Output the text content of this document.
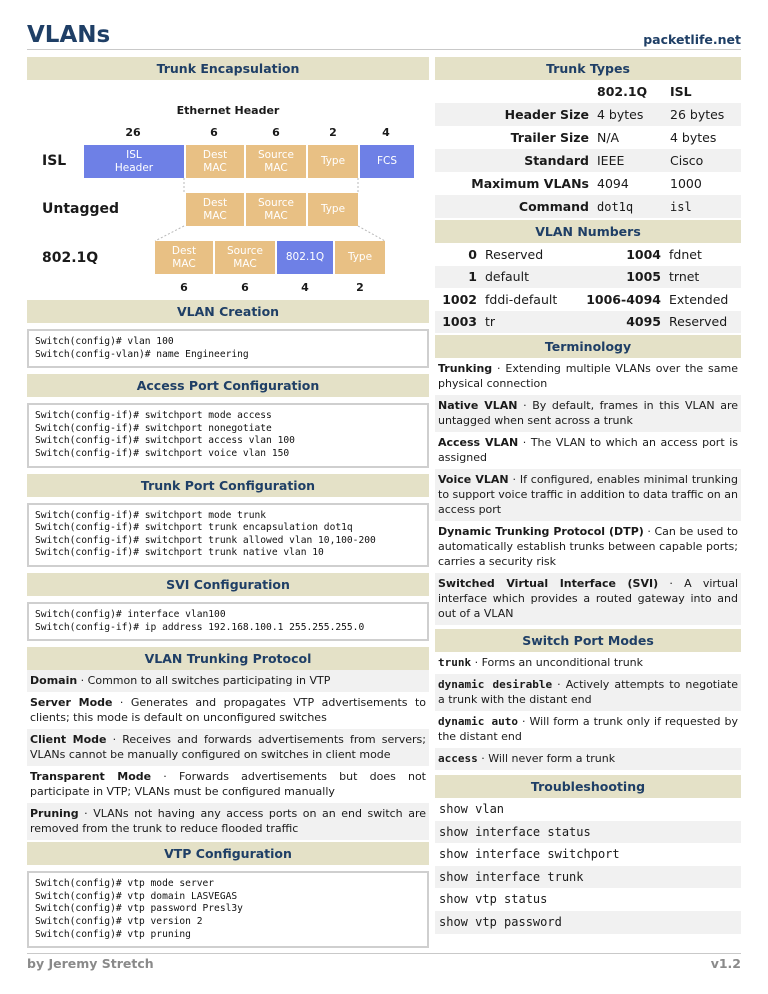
VLANs	packetlife.net
Trunk Encapsulation
Ethernet Header
26	6	6	2	4
ISL	ISL
Header
Dest
MAC
Source
MAC
Type	FCS
Untagged	Dest
MAC
Source
MAC
Type
802.1Q	Dest
MAC
Source
MAC
802.1Q	Type
6	6	4	2
VLAN Creation
Switch(config)# vlan 100
Switch(config-vlan)# name Engineering
Access Port Configuration
Switch(config-if)# switchport mode access
Switch(config-if)# switchport nonegotiate
Switch(config-if)# switchport access vlan 100
Switch(config-if)# switchport voice vlan 150
Trunk Port Configuration
Switch(config-if)# switchport mode trunk
Switch(config-if)# switchport trunk encapsulation dot1q
Switch(config-if)# switchport trunk allowed vlan 10,100-200
Switch(config-if)# switchport trunk native vlan 10
SVI Configuration
Switch(config)# interface vlan100
Switch(config-if)# ip address 192.168.100.1 255.255.255.0
VLAN Trunking Protocol
Domain · Common to all switches participating in VTP
Server Mode · Generates and propagates VTP advertisements to clients; this mode is default on unconfigured switches
Client Mode · Receives and forwards advertisements from servers; VLANs cannot be manually configured on switches in client mode
Transparent Mode · Forwards advertisements but does not participate in VTP; VLANs must be configured manually
Pruning · VLANs not having any access ports on an end switch are removed from the trunk to reduce flooded traffic
VTP Configuration
Switch(config)# vtp mode server
Switch(config)# vtp domain LASVEGAS
Switch(config)# vtp password Presl3y
Switch(config)# vtp version 2
Switch(config)# vtp pruning
Trunk Types
	802.1Q	ISL
Header Size	4 bytes	26 bytes
Trailer Size	N/A	4 bytes
Standard	IEEE	Cisco
Maximum VLANs	4094	1000
Command	dot1q	isl
VLAN Numbers
0	Reserved	1004	fdnet
1	default	1005	trnet
1002	fddi-default	1006-4094	Extended
1003	tr	4095	Reserved
Terminology
Trunking · Extending multiple VLANs over the same physical connection
Native VLAN · By default, frames in this VLAN are untagged when sent across a trunk
Access VLAN · The VLAN to which an access port is assigned
Voice VLAN · If configured, enables minimal trunking to support voice traffic in addition to data traffic on an access port
Dynamic Trunking Protocol (DTP) · Can be used to automatically establish trunks between capable ports; carries a security risk
Switched Virtual Interface (SVI) · A virtual interface which provides a routed gateway into and out of a VLAN
Switch Port Modes
trunk · Forms an unconditional trunk
dynamic desirable · Actively attempts to negotiate a trunk with the distant end
dynamic auto · Will form a trunk only if requested by the distant end
access · Will never form a trunk
Troubleshooting
show vlan
show interface status
show interface switchport
show interface trunk
show vtp status
show vtp password
by Jeremy Stretch	v1.2
